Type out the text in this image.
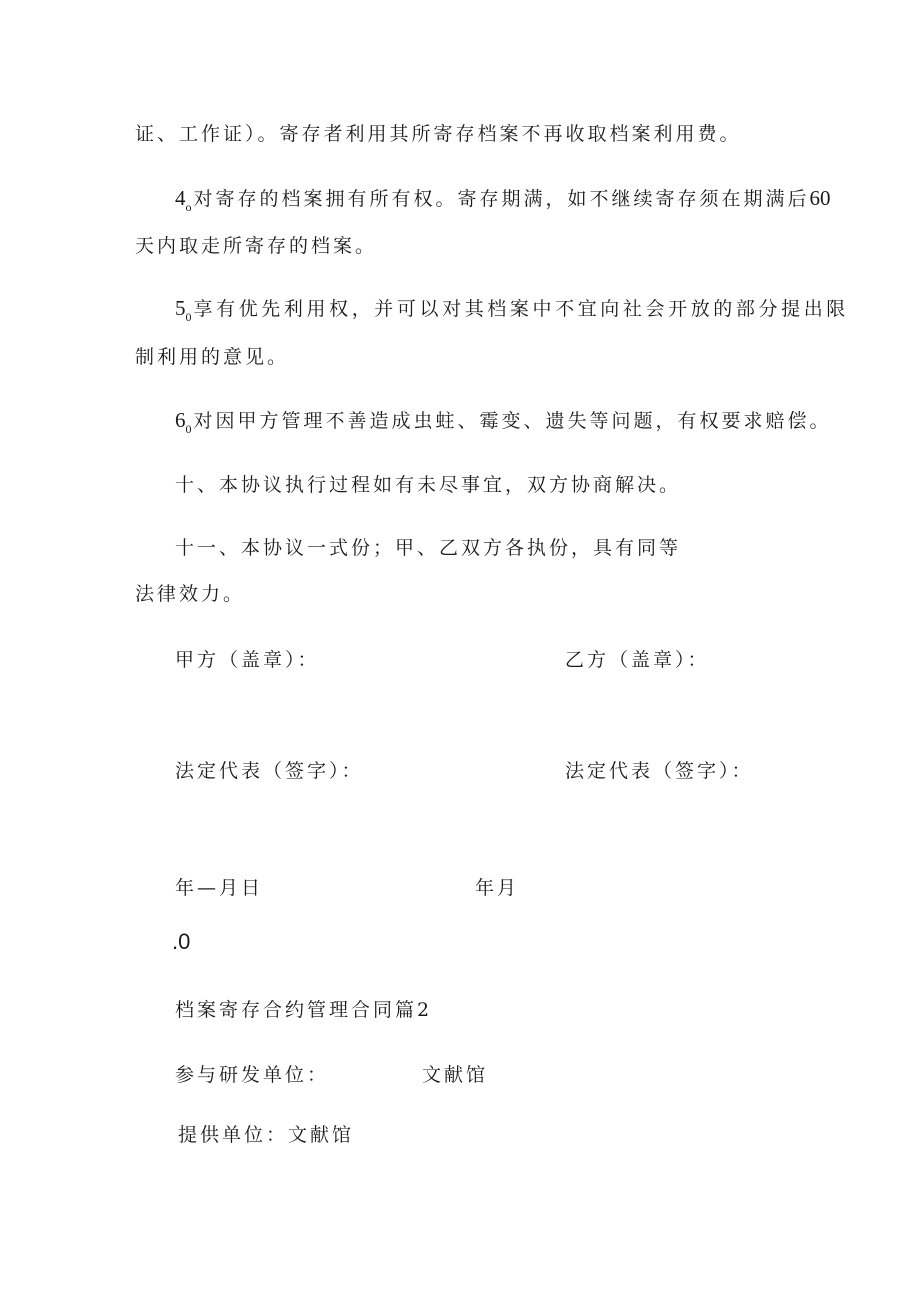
证、工作证）。寄存者利用其所寄存档案不再收取档案利用费。
$4_o$ 对寄存的档案拥有所有权。寄存期满，如不继续寄存须在期满后60
天内取走所寄存的档案。
$5_0$ 享有优先利用权，并可以对其档案中不宜向社会开放的部分提出限
制利用的意见。
$6_0$ 对因甲方管理不善造成虫蛀、霉变、遗失等问题，有权要求赔偿。
十、本协议执行过程如有未尽事宜，双方协商解决。
十一、本协议一式份；甲、乙双方各执份，具有同等
法律效力。
甲方（盖章）：	乙方（盖章）：
法定代表（签字）：	法定代表（签字）：
年—月日	年月
.0
档案寄存合约管理合同篇2
参与研发单位：	文献馆
提供单位：文献馆
